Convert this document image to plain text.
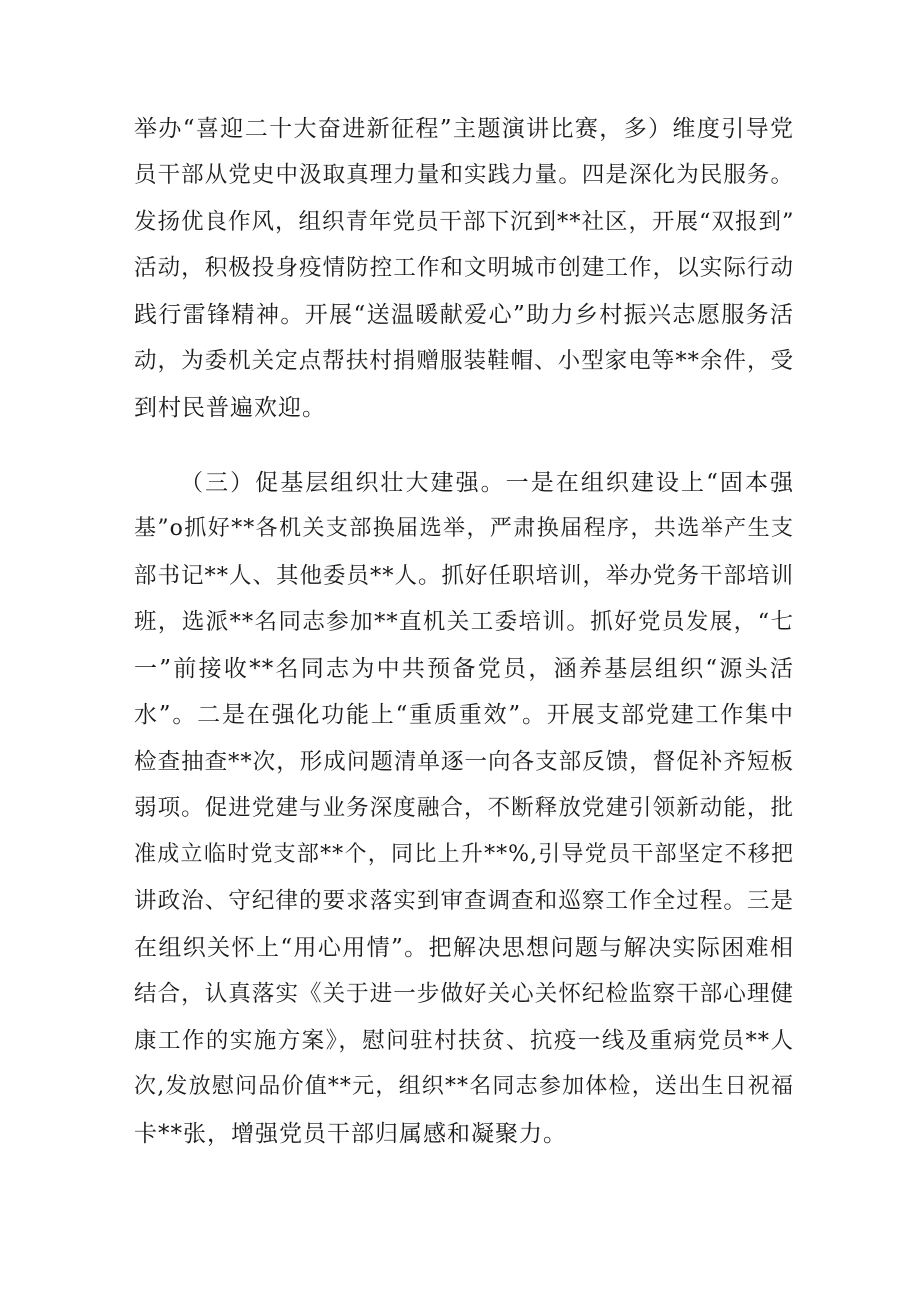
举办“喜迎二十大奋进新征程”主题演讲比赛，多）维度引导党
员干部从党史中汲取真理力量和实践力量。四是深化为民服务。
发扬优良作风，组织青年党员干部下沉到**社区，开展“双报到”
活动，积极投身疫情防控工作和文明城市创建工作，以实际行动
践行雷锋精神。开展“送温暖献爱心”助力乡村振兴志愿服务活
动，为委机关定点帮扶村捐赠服装鞋帽、小型家电等**余件，受
到村民普遍欢迎。
（三）促基层组织壮大建强。一是在组织建设上“固本强
基”o抓好**各机关支部换届选举，严肃换届程序，共选举产生支
部书记**人、其他委员**人。抓好任职培训，举办党务干部培训
班，选派**名同志参加**直机关工委培训。抓好党员发展，“七
一”前接收**名同志为中共预备党员，涵养基层组织“源头活
水”。二是在强化功能上“重质重效”。开展支部党建工作集中
检查抽查**次，形成问题清单逐一向各支部反馈，督促补齐短板
弱项。促进党建与业务深度融合，不断释放党建引领新动能，批
准成立临时党支部**个，同比上升**%,引导党员干部坚定不移把
讲政治、守纪律的要求落实到审查调查和巡察工作全过程。三是
在组织关怀上“用心用情”。把解决思想问题与解决实际困难相
结合，认真落实《关于进一步做好关心关怀纪检监察干部心理健
康工作的实施方案》，慰问驻村扶贫、抗疫一线及重病党员**人
次,发放慰问品价值**元，组织**名同志参加体检，送出生日祝福
卡**张，增强党员干部归属感和凝聚力。
